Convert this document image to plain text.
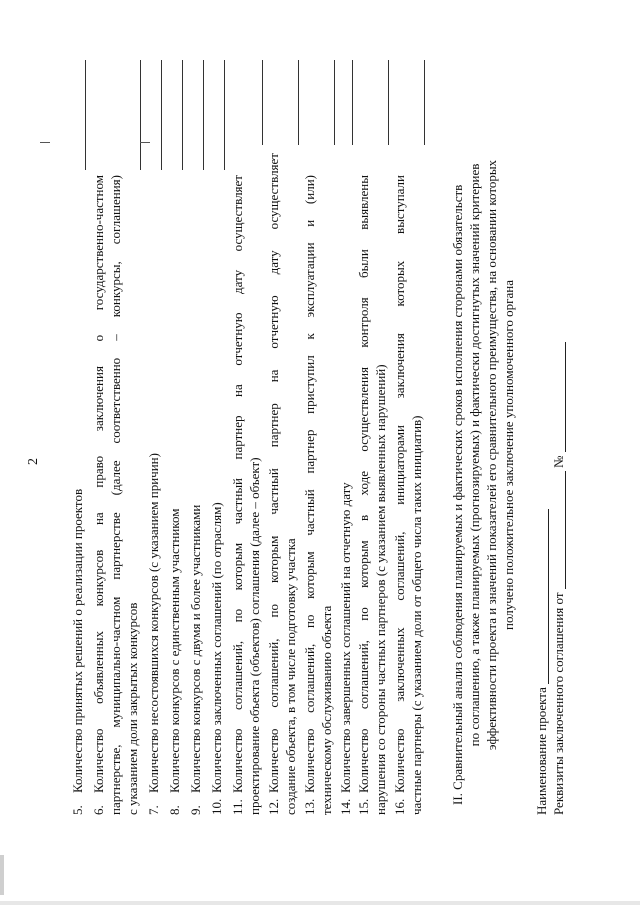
2
5.Количество принятых решений о реализации проектов
6.Количество объявленных конкурсов на право заключения о государственно-частном партнерстве, муниципально-частном партнерстве (далее соответственно – конкурсы, соглашения) с указанием доли закрытых конкурсов 7.Количество несостоявшихся конкурсов (с указанием причин)
8.Количество конкурсов с единственным участником
9.Количество конкурсов с двумя и более участниками
10.Количество заключенных соглашений (по отраслям)
11.Количество соглашений, по которым частный партнер на отчетную дату осуществляет проектирование объекта (объектов) соглашения (далее – объект) 12.Количество соглашений, по которым частный партнер на отчетную дату осуществляет создание объекта, в том числе подготовку участка 13.Количество соглашений, по которым частный партнер приступил к эксплуатации и (или) техническому обслуживанию объекта 14.Количество завершенных соглашений на отчетную дату
15.Количество соглашений, по которым в ходе осуществления контроля были выявлены нарушения со стороны частных партнеров (с указанием выявленных нарушений) 16.Количество заключенных соглашений, инициаторами заключения которых выступали частные партнеры (с указанием доли от общего числа таких инициатив) II. Сравнительный анализ соблюдения планируемых и фактических сроков исполнения сторонами обязательств по соглашению, а также планируемых (прогнозируемых) и фактически достигнутых значений критериев эффективности проекта и значений показателей его сравнительного преимущества, на основании которых получено положительное заключение уполномоченного органа
Наименование проекта Реквизиты заключенного соглашения от  №
